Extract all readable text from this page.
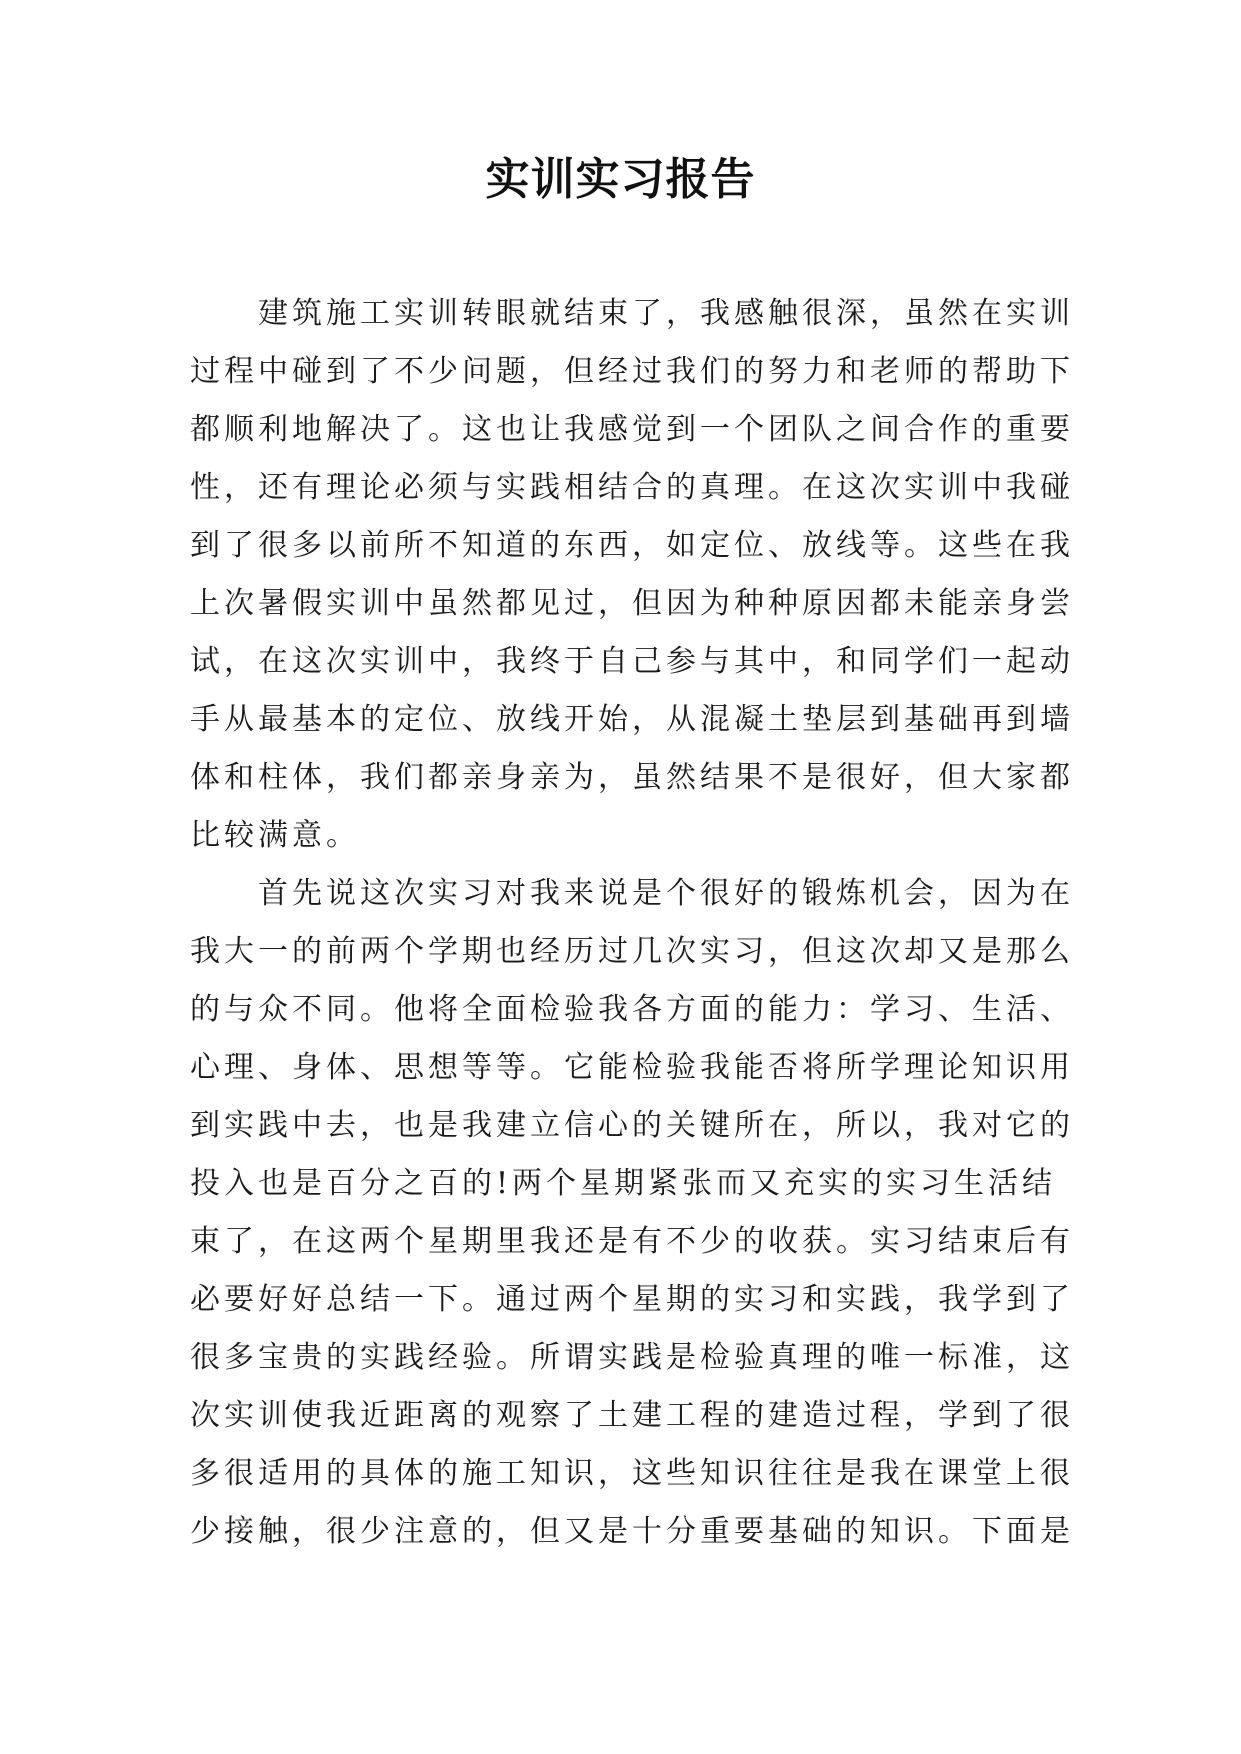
实训实习报告

建筑施工实训转眼就结束了，我感触很深，虽然在实训

过程中碰到了不少问题，但经过我们的努力和老师的帮助下

都顺利地解决了。这也让我感觉到一个团队之间合作的重要

性，还有理论必须与实践相结合的真理。在这次实训中我碰

到了很多以前所不知道的东西，如定位、放线等。这些在我

上次暑假实训中虽然都见过，但因为种种原因都未能亲身尝

试，在这次实训中，我终于自己参与其中，和同学们一起动

手从最基本的定位、放线开始，从混凝土垫层到基础再到墙

体和柱体，我们都亲身亲为，虽然结果不是很好，但大家都

比较满意。

首先说这次实习对我来说是个很好的锻炼机会，因为在

我大一的前两个学期也经历过几次实习，但这次却又是那么

的与众不同。他将全面检验我各方面的能力：学习、生活、

心理、身体、思想等等。它能检验我能否将所学理论知识用

到实践中去，也是我建立信心的关键所在，所以，我对它的

投入也是百分之百的!两个星期紧张而又充实的实习生活结

束了，在这两个星期里我还是有不少的收获。实习结束后有

必要好好总结一下。通过两个星期的实习和实践，我学到了

很多宝贵的实践经验。所谓实践是检验真理的唯一标准，这

次实训使我近距离的观察了土建工程的建造过程，学到了很

多很适用的具体的施工知识，这些知识往往是我在课堂上很

少接触，很少注意的，但又是十分重要基础的知识。下面是
